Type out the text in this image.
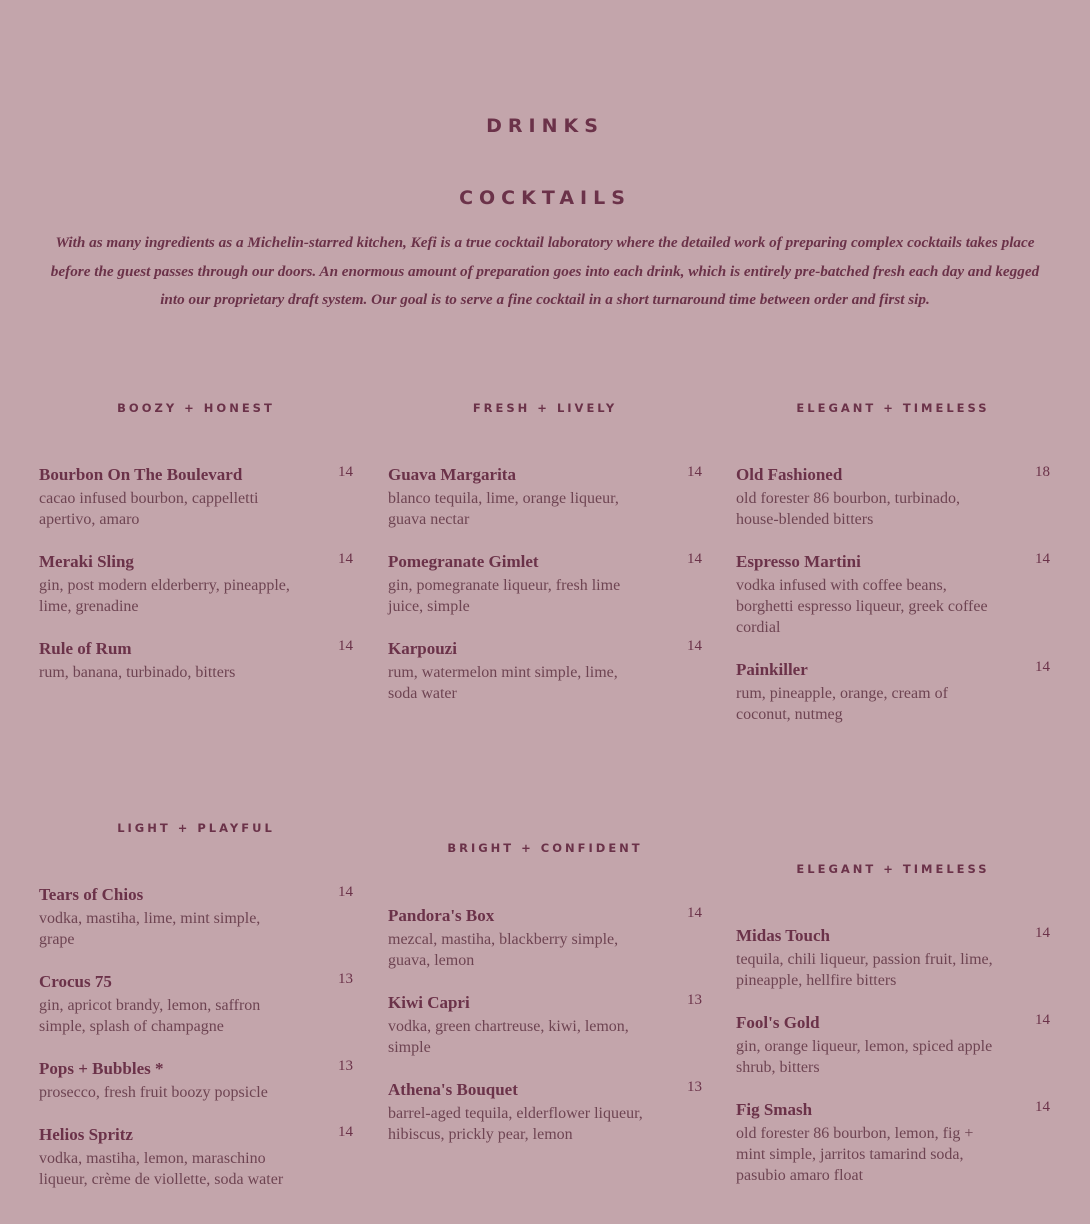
DRINKS
COCKTAILS
With as many ingredients as a Michelin-starred kitchen, Kefi is a true cocktail laboratory where the detailed work of preparing complex cocktails takes place before the guest passes through our doors. An enormous amount of preparation goes into each drink, which is entirely pre-batched fresh each day and kegged into our proprietary draft system. Our goal is to serve a fine cocktail in a short turnaround time between order and first sip.
BOOZY + HONEST	FRESH + LIVELY	ELEGANT + TIMELESS
LIGHT + PLAYFUL
BRIGHT + CONFIDENT
ELEGANT + TIMELESS
Bourbon On The Boulevard	14
cacao infused bourbon, cappelletti apertivo, amaro
Meraki Sling	14
gin, post modern elderberry, pineapple, lime, grenadine
Rule of Rum	14
rum, banana, turbinado, bitters
Guava Margarita	14
blanco tequila, lime, orange liqueur, guava nectar
Pomegranate Gimlet	14
gin, pomegranate liqueur, fresh lime juice, simple
Karpouzi	14
rum, watermelon mint simple, lime, soda water
Old Fashioned	18
old forester 86 bourbon, turbinado, house-blended bitters
Espresso Martini	14
vodka infused with coffee beans, borghetti espresso liqueur, greek coffee cordial
Painkiller	14
rum, pineapple, orange, cream of coconut, nutmeg
Tears of Chios	14
vodka, mastiha, lime, mint simple, grape
Crocus 75	13
gin, apricot brandy, lemon, saffron simple, splash of champagne
Pops + Bubbles *	13
prosecco, fresh fruit boozy popsicle
Helios Spritz	14
vodka, mastiha, lemon, maraschino liqueur, crème de viollette, soda water
Pandora's Box	14
mezcal, mastiha, blackberry simple, guava, lemon
Kiwi Capri	13
vodka, green chartreuse, kiwi, lemon, simple
Athena's Bouquet	13
barrel-aged tequila, elderflower liqueur, hibiscus, prickly pear, lemon
Midas Touch	14
tequila, chili liqueur, passion fruit, lime, pineapple, hellfire bitters
Fool's Gold	14
gin, orange liqueur, lemon, spiced apple shrub, bitters
Fig Smash	14
old forester 86 bourbon, lemon, fig + mint simple, jarritos tamarind soda, pasubio amaro float
